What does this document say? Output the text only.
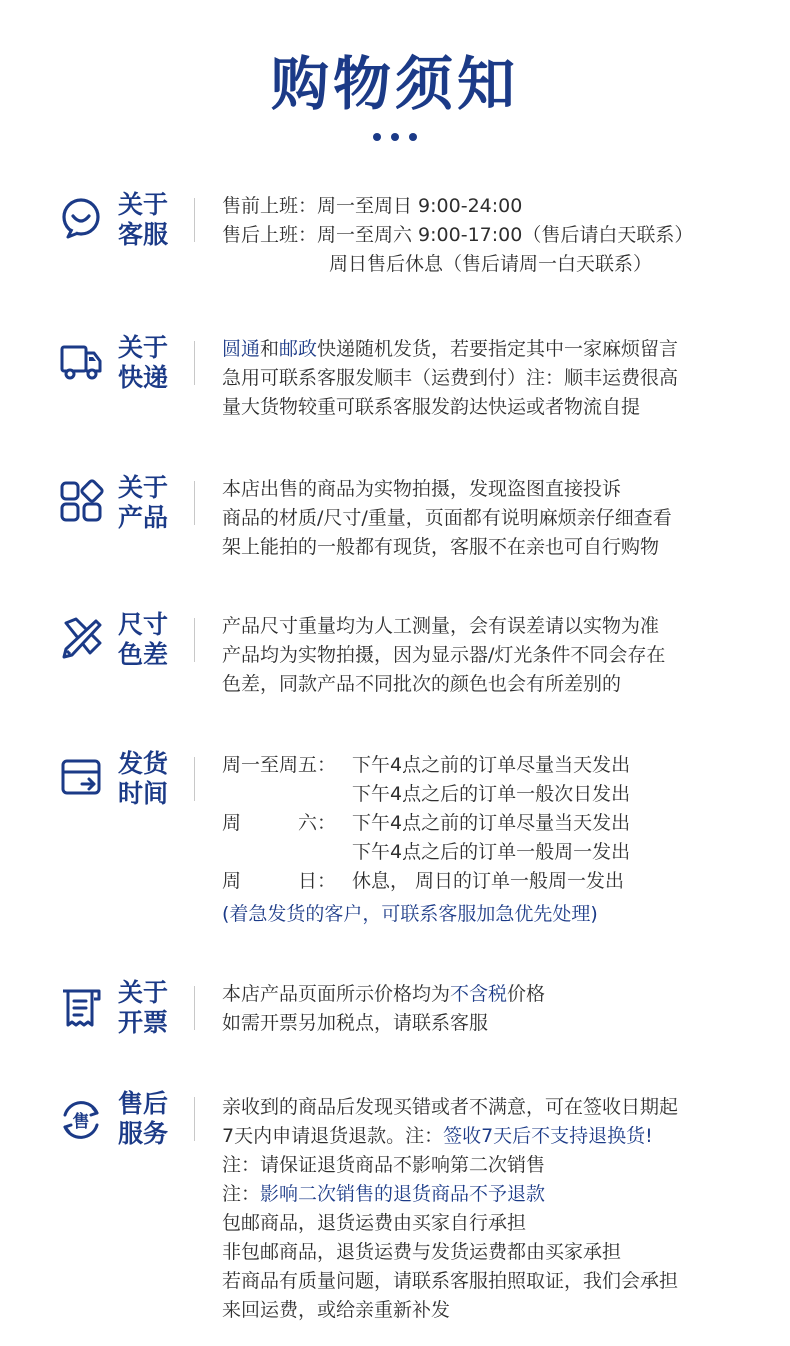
购物须知
关于
客服
售前上班：周一至周日 9:00-24:00
售后上班：周一至周六 9:00-17:00（售后请白天联系）
周日售后休息（售后请周一白天联系）
关于
快递
圆通和邮政快递随机发货，若要指定其中一家麻烦留言
急用可联系客服发顺丰（运费到付）注：顺丰运费很高
量大货物较重可联系客服发韵达快运或者物流自提
关于
产品
本店出售的商品为实物拍摄，发现盗图直接投诉
商品的材质/尺寸/重量，页面都有说明麻烦亲仔细查看
架上能拍的一般都有现货，客服不在亲也可自行购物
尺寸
色差
产品尺寸重量均为人工测量，会有误差请以实物为准
产品均为实物拍摄，因为显示器/灯光条件不同会存在
色差，同款产品不同批次的颜色也会有所差别的
发货
时间
周一至周五： 下午4点之前的订单尽量当天发出
下午4点之后的订单一般次日发出
周　　　六： 下午4点之前的订单尽量当天发出
下午4点之后的订单一般周一发出
周　　　日： 休息， 周日的订单一般周一发出
(着急发货的客户，可联系客服加急优先处理)
关于
开票
本店产品页面所示价格均为不含税价格
如需开票另加税点，请联系客服
售
售后
服务
亲收到的商品后发现买错或者不满意，可在签收日期起
7天内申请退货退款。注：签收7天后不支持退换货!
注：请保证退货商品不影响第二次销售
注：影响二次销售的退货商品不予退款
包邮商品，退货运费由买家自行承担
非包邮商品，退货运费与发货运费都由买家承担
若商品有质量问题，请联系客服拍照取证，我们会承担
来回运费，或给亲重新补发
